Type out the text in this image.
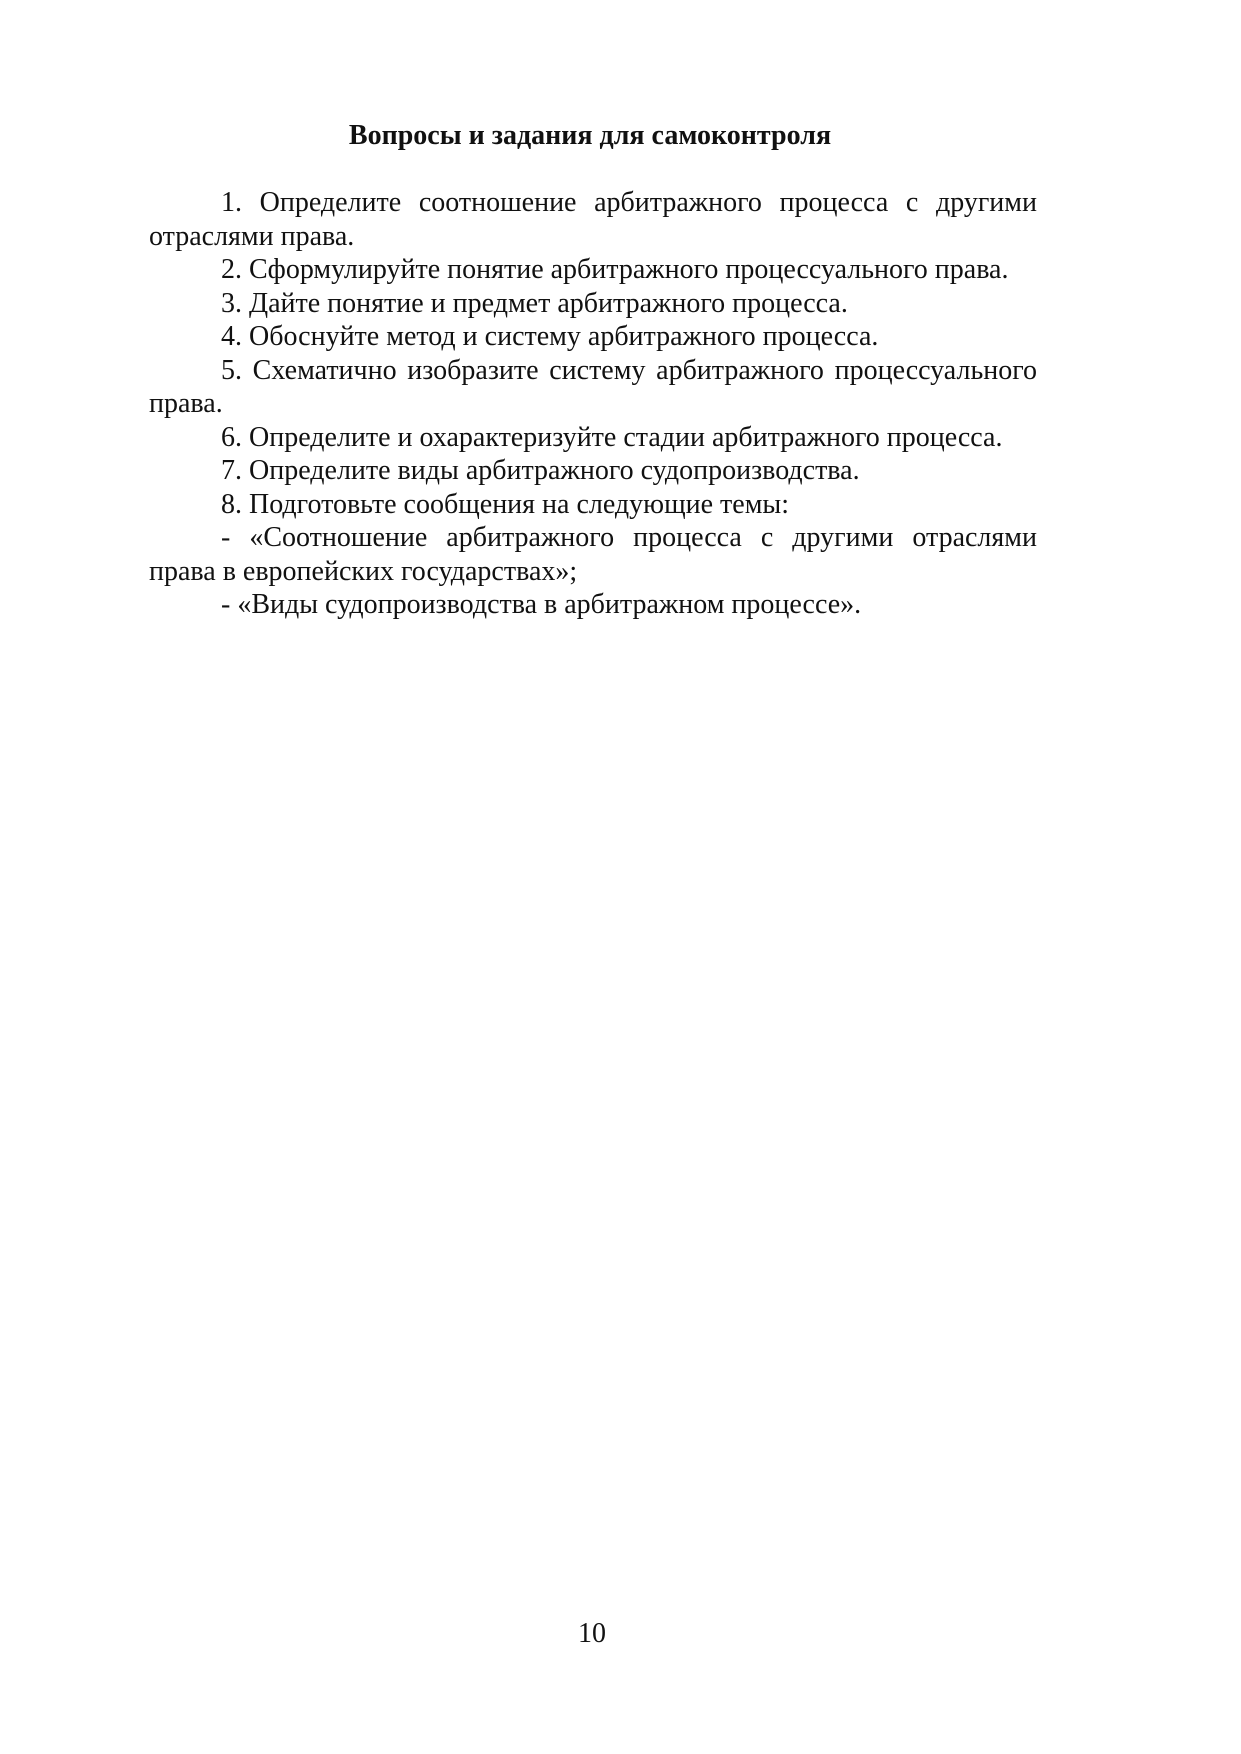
Вопросы и задания для самоконтроля

1. Определите соотношение арбитражного процесса с другими отраслями права.

2. Сформулируйте понятие арбитражного процессуального права.

3. Дайте понятие и предмет арбитражного процесса.

4. Обоснуйте метод и систему арбитражного процесса.

5. Схематично изобразите систему арбитражного процессуального права.

6. Определите и охарактеризуйте стадии арбитражного процесса.

7. Определите виды арбитражного судопроизводства.

8. Подготовьте сообщения на следующие темы:

- «Соотношение арбитражного процесса с другими отраслями права в европейских государствах»;

- «Виды судопроизводства в арбитражном процессе».

10
